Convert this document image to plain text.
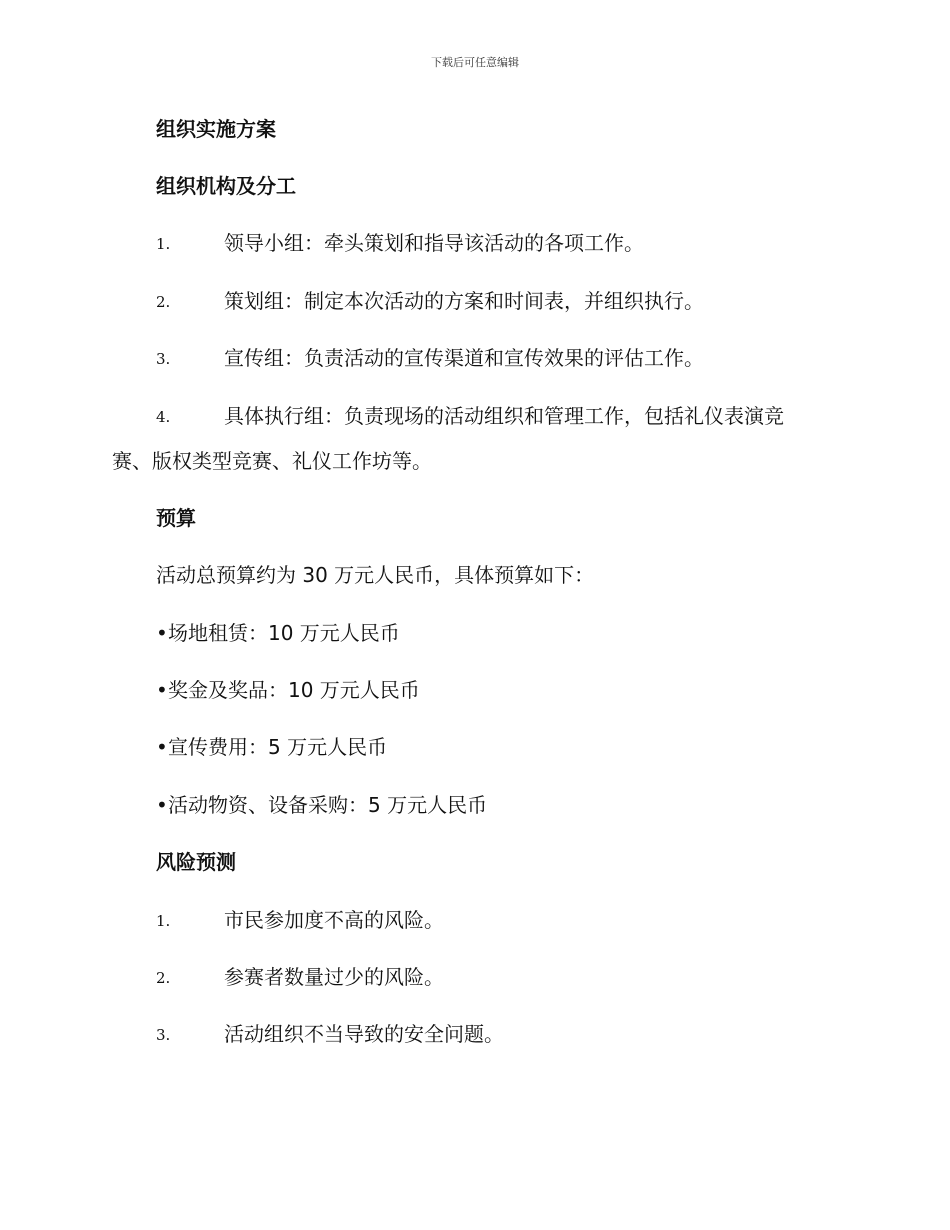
下载后可任意编辑
组织实施方案
组织机构及分工
1.	领导小组：牵头策划和指导该活动的各项工作。
2.	策划组：制定本次活动的方案和时间表，并组织执行。
3.	宣传组：负责活动的宣传渠道和宣传效果的评估工作。
4.	具体执行组：负责现场的活动组织和管理工作，包括礼仪表演竞
赛、版权类型竞赛、礼仪工作坊等。
预算
活动总预算约为 30 万元人民币，具体预算如下：
•场地租赁：10 万元人民币
•奖金及奖品：10 万元人民币
•宣传费用：5 万元人民币
•活动物资、设备采购：5 万元人民币
风险预测
1.	市民参加度不高的风险。
2.	参赛者数量过少的风险。
3.	活动组织不当导致的安全问题。
